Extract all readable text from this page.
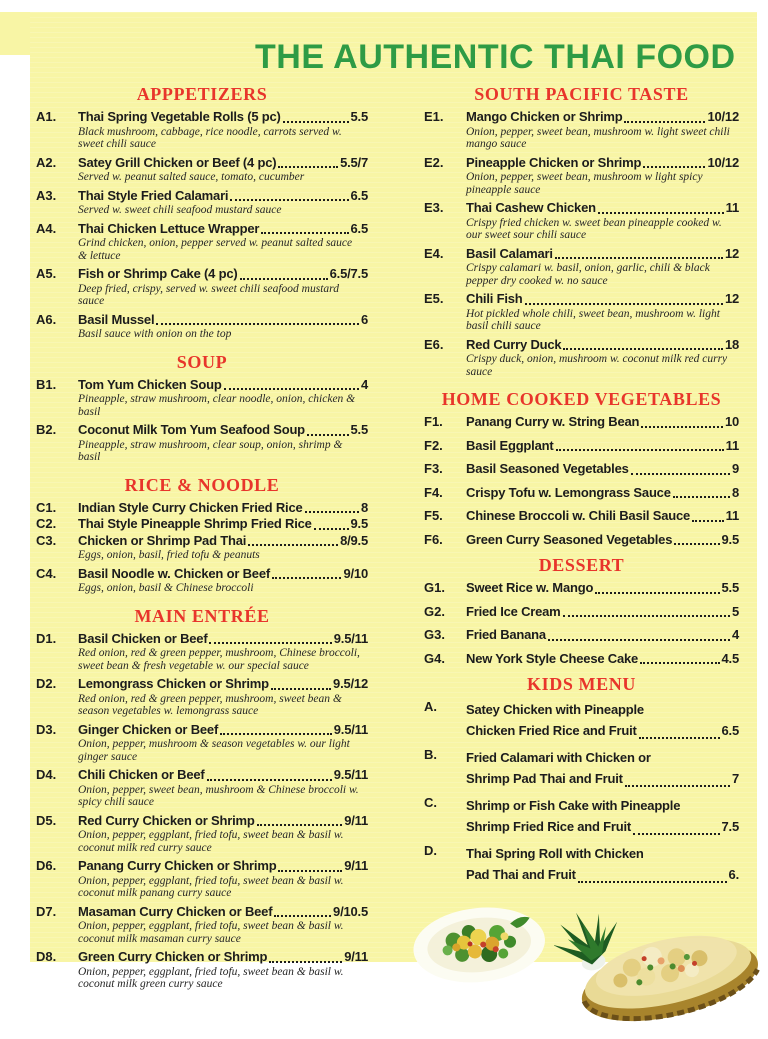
THE AUTHENTIC THAI FOOD
APPPETIZERS
A1.	Thai Spring Vegetable Rolls (5 pc)	5.5
Black mushroom, cabbage, rice noodle, carrots served w. sweet chili sauce
A2.	Satey Grill Chicken or Beef (4 pc)	5.5/7
Served w. peanut salted sauce, tomato, cucumber
A3.	Thai Style Fried Calamari	6.5
Served w. sweet chili seafood mustard sauce
A4.	Thai Chicken Lettuce Wrapper	6.5
Grind chicken, onion, pepper served w. peanut salted sauce & lettuce
A5.	Fish or Shrimp Cake (4 pc)	6.5/7.5
Deep fried, crispy, served w. sweet chili seafood mustard sauce
A6.	Basil Mussel	6
Basil sauce with onion on the top
SOUP
B1.	Tom Yum Chicken Soup	4
Pineapple, straw mushroom, clear noodle, onion, chicken & basil
B2.	Coconut Milk Tom Yum Seafood Soup	5.5
Pineapple, straw mushroom, clear soup, onion, shrimp & basil
RICE & NOODLE
C1.	Indian Style Curry Chicken Fried Rice	8
C2.	Thai Style Pineapple Shrimp Fried Rice	9.5
C3.	Chicken or Shrimp Pad Thai	8/9.5
Eggs, onion, basil, fried tofu & peanuts
C4.	Basil Noodle w. Chicken or Beef	9/10
Eggs, onion, basil & Chinese broccoli
MAIN ENTRÉE
D1.	Basil Chicken or Beef	9.5/11
Red onion, red & green pepper, mushroom, Chinese broccoli, sweet bean & fresh vegetable w. our special sauce
D2.	Lemongrass Chicken or Shrimp	9.5/12
Red onion, red & green pepper, mushroom, sweet bean & season vegetables w. lemongrass sauce
D3.	Ginger Chicken or Beef	9.5/11
Onion, pepper, mushroom & season vegetables w. our light ginger sauce
D4.	Chili Chicken or Beef	9.5/11
Onion, pepper, sweet bean, mushroom & Chinese broccoli w. spicy chili sauce
D5.	Red Curry Chicken or Shrimp	9/11
Onion, pepper, eggplant, fried tofu, sweet bean & basil w. coconut milk red curry sauce
D6.	Panang Curry Chicken or Shrimp	9/11
Onion, pepper, eggplant, fried tofu, sweet bean & basil w. coconut milk panang curry sauce
D7.	Masaman Curry Chicken or Beef	9/10.5
Onion, pepper, eggplant, fried tofu, sweet bean & basil w. coconut milk masaman curry sauce
D8.	Green Curry Chicken or Shrimp	9/11
Onion, pepper, eggplant, fried tofu, sweet bean & basil w. coconut milk green curry sauce
SOUTH PACIFIC TASTE
E1.	Mango Chicken or Shrimp	10/12
Onion, pepper, sweet bean, mushroom w. light sweet chili mango sauce
E2.	Pineapple Chicken or Shrimp	10/12
Onion, pepper, sweet bean, mushroom w light spicy pineapple sauce
E3.	Thai Cashew Chicken	11
Crispy fried chicken w. sweet bean pineapple cooked w. our sweet sour chili sauce
E4.	Basil Calamari	12
Crispy calamari w. basil, onion, garlic, chili & black pepper dry cooked w. no sauce
E5.	Chili Fish	12
Hot pickled whole chili, sweet bean, mushroom w. light basil chili sauce
E6.	Red Curry Duck	18
Crispy duck, onion, mushroom w. coconut milk red curry sauce
HOME COOKED VEGETABLES
F1.	Panang Curry w. String Bean	10
F2.	Basil Eggplant	11
F3.	Basil Seasoned Vegetables	9
F4.	Crispy Tofu w. Lemongrass Sauce	8
F5.	Chinese Broccoli w. Chili Basil Sauce	11
F6.	Green Curry Seasoned Vegetables	9.5
DESSERT
G1.	Sweet Rice w. Mango	5.5
G2.	Fried Ice Cream	5
G3.	Fried Banana	4
G4.	New York Style Cheese Cake	4.5
KIDS MENU
A.	Satey Chicken with Pineapple
Chicken Fried Rice and Fruit	6.5
B.	Fried Calamari with Chicken or
Shrimp Pad Thai and Fruit	7
C.	Shrimp or Fish Cake with Pineapple
Shrimp Fried Rice and Fruit	7.5
D.	Thai Spring Roll with Chicken
Pad Thai and Fruit	6.
